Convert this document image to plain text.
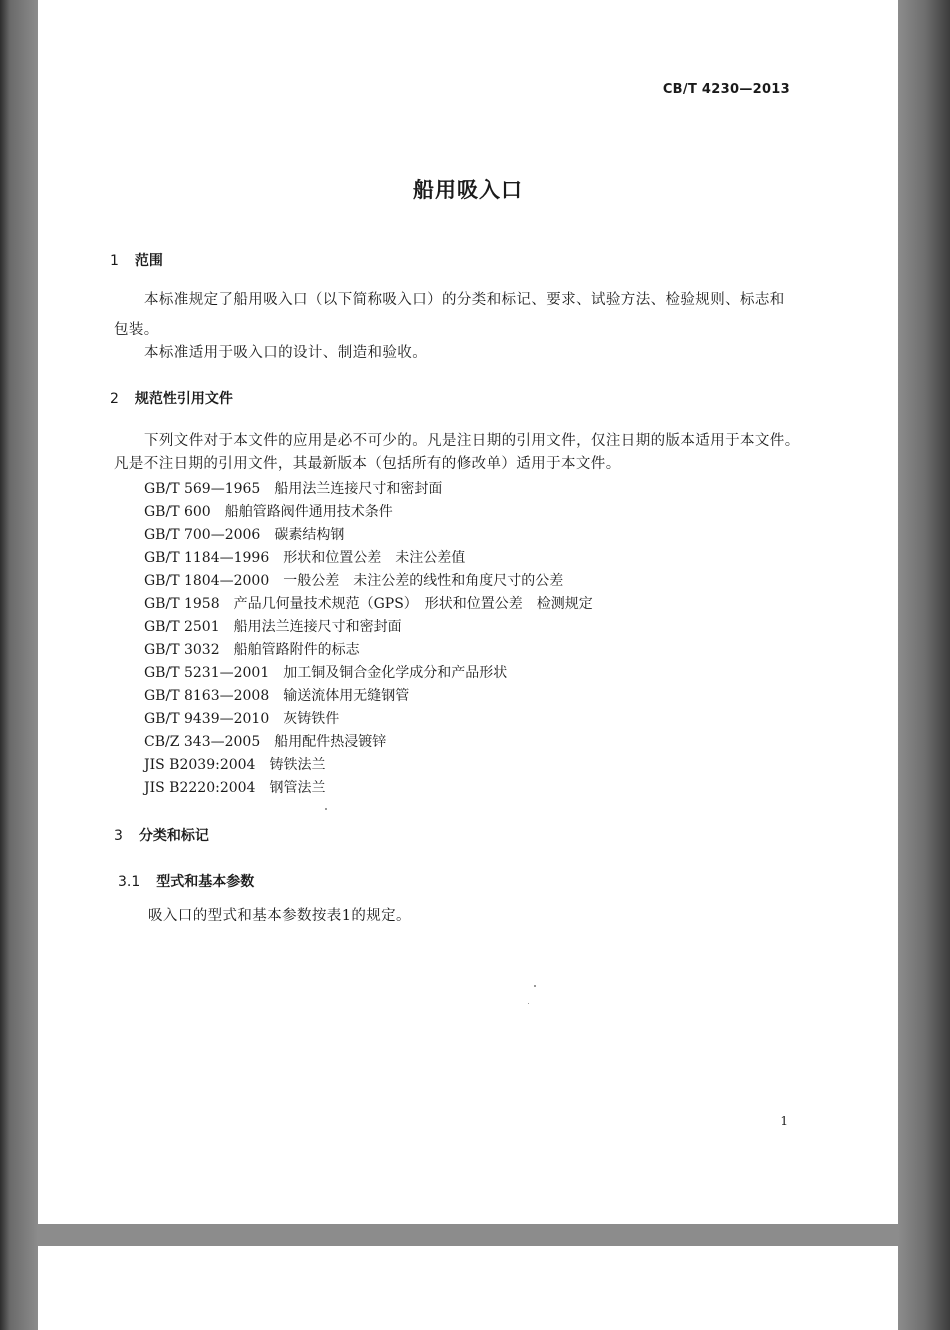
CB/T 4230—2013
船用吸入口
1 范围
本标准规定了船用吸入口（以下简称吸入口）的分类和标记、要求、试验方法、检验规则、标志和
包装。
本标准适用于吸入口的设计、制造和验收。
2 规范性引用文件
下列文件对于本文件的应用是必不可少的。凡是注日期的引用文件，仅注日期的版本适用于本文件。
凡是不注日期的引用文件，其最新版本（包括所有的修改单）适用于本文件。
GB/T 569—1965 船用法兰连接尺寸和密封面
GB/T 600 船舶管路阀件通用技术条件
GB/T 700—2006 碳素结构钢
GB/T 1184—1996 形状和位置公差　未注公差值
GB/T 1804—2000 一般公差　未注公差的线性和角度尺寸的公差
GB/T 1958 产品几何量技术规范（GPS）　形状和位置公差　检测规定
GB/T 2501 船用法兰连接尺寸和密封面
GB/T 3032 船舶管路附件的标志
GB/T 5231—2001 加工铜及铜合金化学成分和产品形状
GB/T 8163—2008 输送流体用无缝钢管
GB/T 9439—2010 灰铸铁件
CB/Z 343—2005 船用配件热浸镀锌
JIS B2039:2004 铸铁法兰
JIS B2220:2004 钢管法兰
3 分类和标记
3.1 型式和基本参数
吸入口的型式和基本参数按表1的规定。
1
